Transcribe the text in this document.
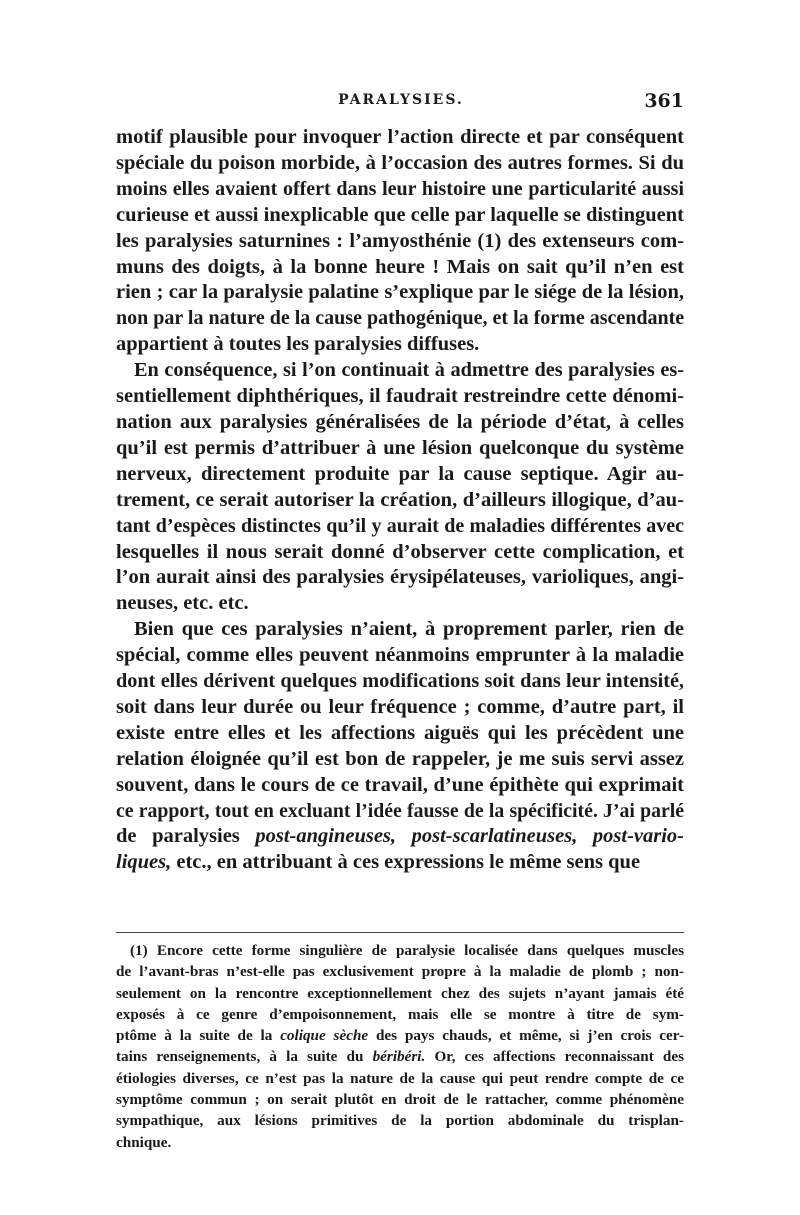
PARALYSIES.	361

motif plausible pour invoquer l’action directe et par conséquent
spéciale du poison morbide, à l’occasion des autres formes. Si du
moins elles avaient offert dans leur histoire une particularité aussi
curieuse et aussi inexplicable que celle par laquelle se distinguent
les paralysies saturnines : l’amyosthénie (1) des extenseurs com-
muns des doigts, à la bonne heure ! Mais on sait qu’il n’en est
rien ; car la paralysie palatine s’explique par le siége de la lésion,
non par la nature de la cause pathogénique, et la forme ascendante
appartient à toutes les paralysies diffuses.

En conséquence, si l’on continuait à admettre des paralysies es-
sentiellement diphthériques, il faudrait restreindre cette dénomi-
nation aux paralysies généralisées de la période d’état, à celles
qu’il est permis d’attribuer à une lésion quelconque du système
nerveux, directement produite par la cause septique. Agir au-
trement, ce serait autoriser la création, d’ailleurs illogique, d’au-
tant d’espèces distinctes qu’il y aurait de maladies différentes avec
lesquelles il nous serait donné d’observer cette complication, et
l’on aurait ainsi des paralysies érysipélateuses, varioliques, angi-
neuses, etc. etc.

Bien que ces paralysies n’aient, à proprement parler, rien de
spécial, comme elles peuvent néanmoins emprunter à la maladie
dont elles dérivent quelques modifications soit dans leur intensité,
soit dans leur durée ou leur fréquence ; comme, d’autre part, il
existe entre elles et les affections aiguës qui les précèdent une
relation éloignée qu’il est bon de rappeler, je me suis servi assez
souvent, dans le cours de ce travail, d’une épithète qui exprimait
ce rapport, tout en excluant l’idée fausse de la spécificité. J’ai parlé
de paralysies post-angineuses, post-scarlatineuses, post-vario-
liques, etc., en attribuant à ces expressions le même sens que

(1) Encore cette forme singulière de paralysie localisée dans quelques muscles
de l’avant-bras n’est-elle pas exclusivement propre à la maladie de plomb ; non-
seulement on la rencontre exceptionnellement chez des sujets n’ayant jamais été
exposés à ce genre d’empoisonnement, mais elle se montre à titre de sym-
ptôme à la suite de la colique sèche des pays chauds, et même, si j’en crois cer-
tains renseignements, à la suite du béribéri. Or, ces affections reconnaissant des
étiologies diverses, ce n’est pas la nature de la cause qui peut rendre compte de ce
symptôme commun ; on serait plutôt en droit de le rattacher, comme phénomène
sympathique, aux lésions primitives de la portion abdominale du trisplan-
chnique.
